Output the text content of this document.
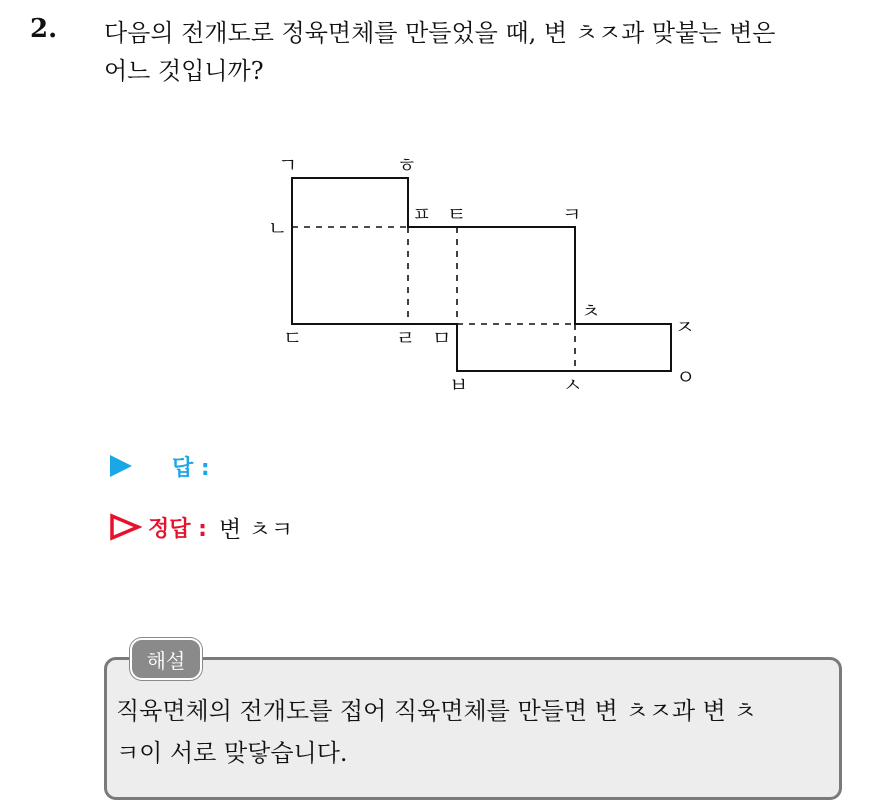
2. 다음의 전개도로 정육면체를 만들었을 때, 변 ㅊㅈ과 맞붙는 변은
어느 것입니까?
ㄱ	ㅎ
ㅍ ㅌ	ㅋ
ㄴ
ㅊ
ㅈ
ㄷ	ㄹ ㅁ
ㅂ	ㅅ	ㅇ
답 :
정답 : 변 ㅊㅋ
해설
직육면체의 전개도를 접어 직육면체를 만들면 변 ㅊㅈ과 변 ㅊ
ㅋ이 서로 맞닿습니다.
